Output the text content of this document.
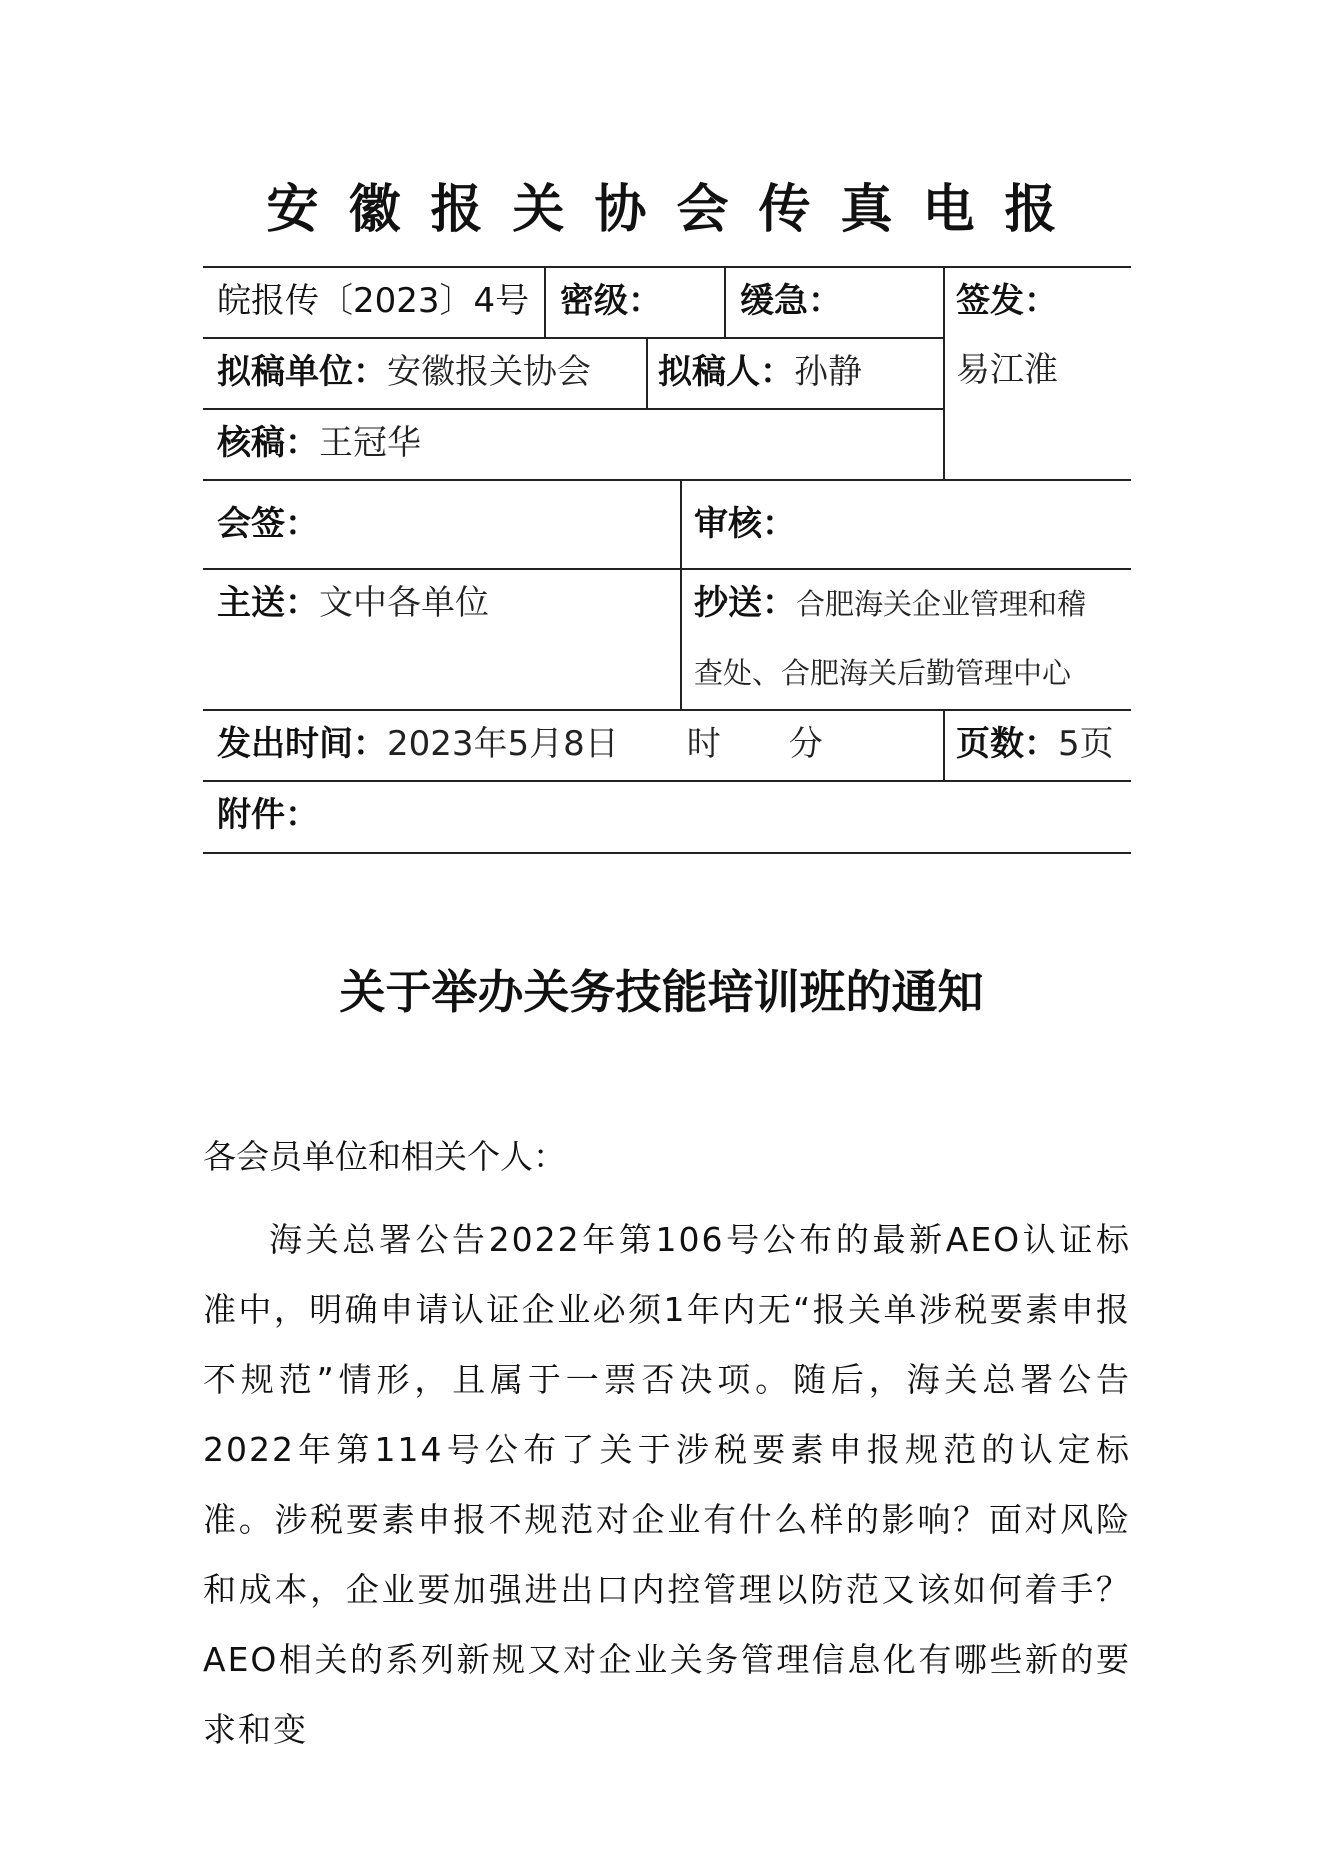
安徽报关协会传真电报
皖报传〔2023〕4号 密级： 缓急：	签发：
易江淮
拟稿单位：安徽报关协会 拟稿人：孙静
核稿：王冠华
会签：	审核：
主送：文中各单位	抄送：合肥海关企业管理和稽
查处、合肥海关后勤管理中心
发出时间：2023年5月8日　　时　　分	页数：5页
附件：
关于举办关务技能培训班的通知
各会员单位和相关个人：
海关总署公告2022年第106号公布的最新AEO认证标准中，明确申请认证企业必须1年内无“报关单涉税要素申报不规范”情形，且属于一票否决项。随后，海关总署公告2022年第114号公布了关于涉税要素申报规范的认定标准。涉税要素申报不规范对企业有什么样的影响？面对风险和成本，企业要加强进出口内控管理以防范又该如何着手？AEO相关的系列新规又对企业关务管理信息化有哪些新的要求和变
